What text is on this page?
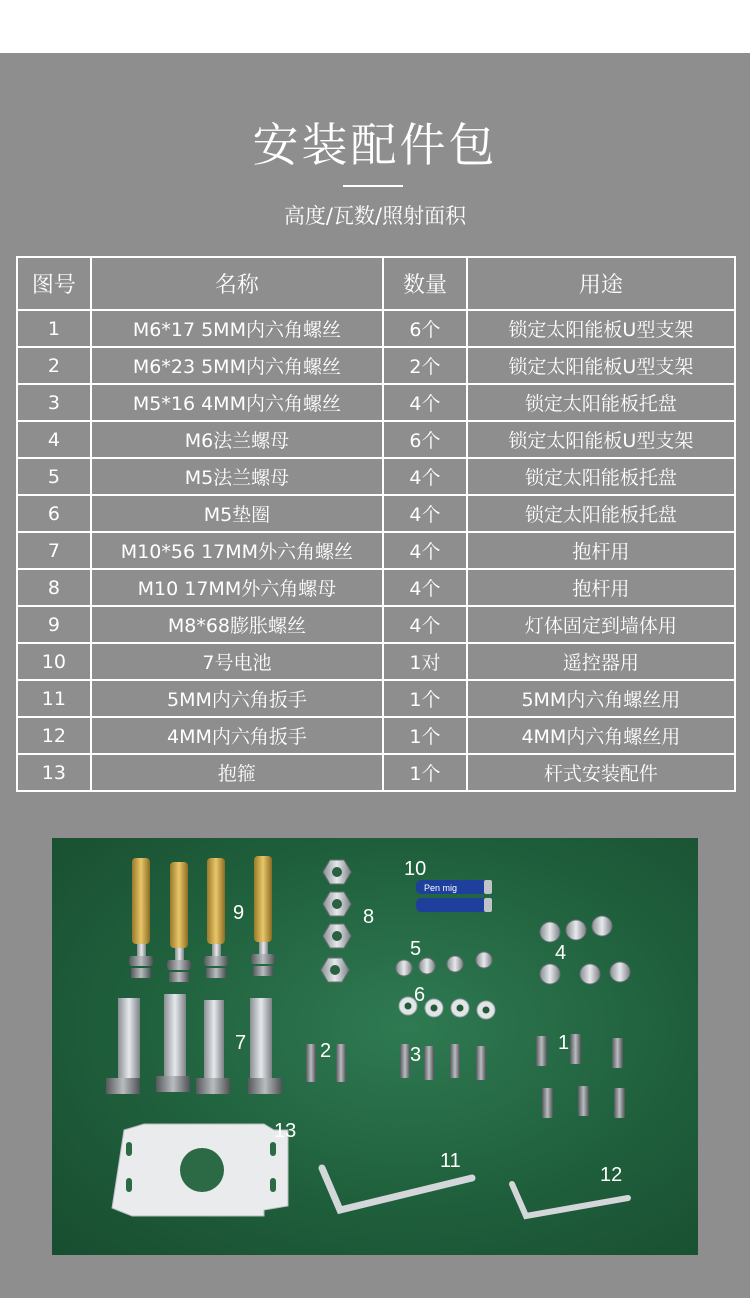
安装配件包
高度/瓦数/照射面积
图号	名称	数量	用途
1	M6*17 5MM内六角螺丝	6个	锁定太阳能板U型支架
2	M6*23 5MM内六角螺丝	2个	锁定太阳能板U型支架
3	M5*16 4MM内六角螺丝	4个	锁定太阳能板托盘
4	M6法兰螺母	6个	锁定太阳能板U型支架
5	M5法兰螺母	4个	锁定太阳能板托盘
6	M5垫圈	4个	锁定太阳能板托盘
7	M10*56 17MM外六角螺丝	4个	抱杆用
8	M10 17MM外六角螺母	4个	抱杆用
9	M8*68膨胀螺丝	4个	灯体固定到墙体用
10	7号电池	1对	遥控器用
11	5MM内六角扳手	1个	5MM内六角螺丝用
12	4MM内六角扳手	1个	4MM内六角螺丝用
13	抱箍	1个	杆式安装配件
Pen mig
9	8
10
5	4
6
7	2	3
1
13
11
12
